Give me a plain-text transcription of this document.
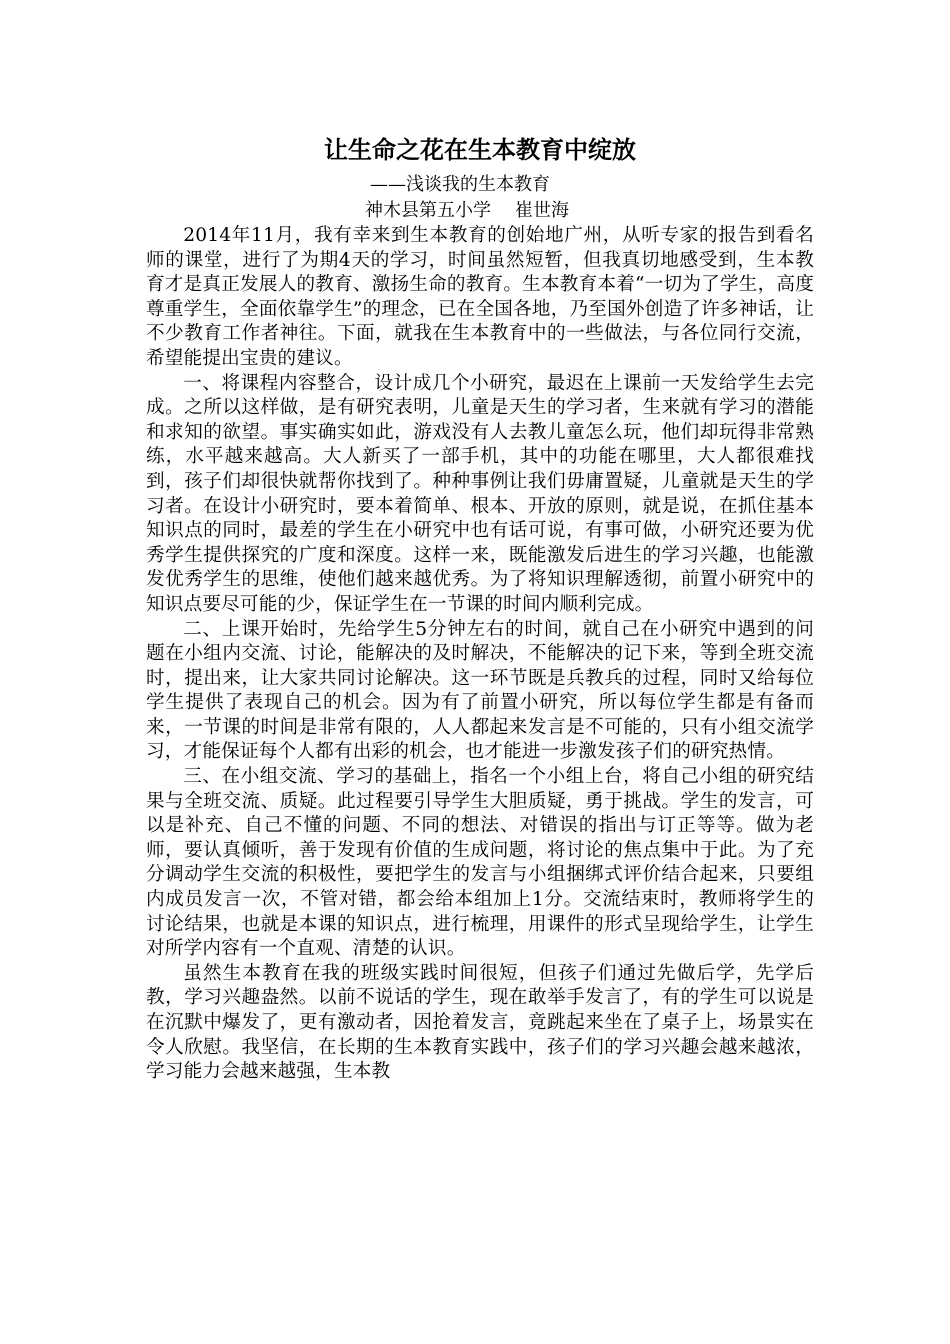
让生命之花在生本教育中绽放
——浅谈我的生本教育
神木县第五小学 崔世海

2014年11月，我有幸来到生本教育的创始地广州，从听专家的报告到看名师的课堂，进行了为期4天的学习，时间虽然短暂，但我真切地感受到，生本教育才是真正发展人的教育、激扬生命的教育。生本教育本着“一切为了学生，高度尊重学生，全面依靠学生”的理念，已在全国各地，乃至国外创造了许多神话，让不少教育工作者神往。下面，就我在生本教育中的一些做法，与各位同行交流，希望能提出宝贵的建议。

一、将课程内容整合，设计成几个小研究，最迟在上课前一天发给学生去完成。之所以这样做，是有研究表明，儿童是天生的学习者，生来就有学习的潜能和求知的欲望。事实确实如此，游戏没有人去教儿童怎么玩，他们却玩得非常熟练，水平越来越高。大人新买了一部手机，其中的功能在哪里，大人都很难找到，孩子们却很快就帮你找到了。种种事例让我们毋庸置疑，儿童就是天生的学习者。在设计小研究时，要本着简单、根本、开放的原则，就是说，在抓住基本知识点的同时，最差的学生在小研究中也有话可说，有事可做，小研究还要为优秀学生提供探究的广度和深度。这样一来，既能激发后进生的学习兴趣，也能激发优秀学生的思维，使他们越来越优秀。为了将知识理解透彻，前置小研究中的知识点要尽可能的少，保证学生在一节课的时间内顺利完成。

二、上课开始时，先给学生5分钟左右的时间，就自己在小研究中遇到的问题在小组内交流、讨论，能解决的及时解决，不能解决的记下来，等到全班交流时，提出来，让大家共同讨论解决。这一环节既是兵教兵的过程，同时又给每位学生提供了表现自己的机会。因为有了前置小研究，所以每位学生都是有备而来，一节课的时间是非常有限的，人人都起来发言是不可能的，只有小组交流学习，才能保证每个人都有出彩的机会，也才能进一步激发孩子们的研究热情。

三、在小组交流、学习的基础上，指名一个小组上台，将自己小组的研究结果与全班交流、质疑。此过程要引导学生大胆质疑，勇于挑战。学生的发言，可以是补充、自己不懂的问题、不同的想法、对错误的指出与订正等等。做为老师，要认真倾听，善于发现有价值的生成问题，将讨论的焦点集中于此。为了充分调动学生交流的积极性，要把学生的发言与小组捆绑式评价结合起来，只要组内成员发言一次，不管对错，都会给本组加上1分。交流结束时，教师将学生的讨论结果，也就是本课的知识点，进行梳理，用课件的形式呈现给学生，让学生对所学内容有一个直观、清楚的认识。

虽然生本教育在我的班级实践时间很短，但孩子们通过先做后学，先学后教，学习兴趣盎然。以前不说话的学生，现在敢举手发言了，有的学生可以说是在沉默中爆发了，更有激动者，因抢着发言，竟跳起来坐在了桌子上，场景实在令人欣慰。我坚信，在长期的生本教育实践中，孩子们的学习兴趣会越来越浓，学习能力会越来越强，生本教
